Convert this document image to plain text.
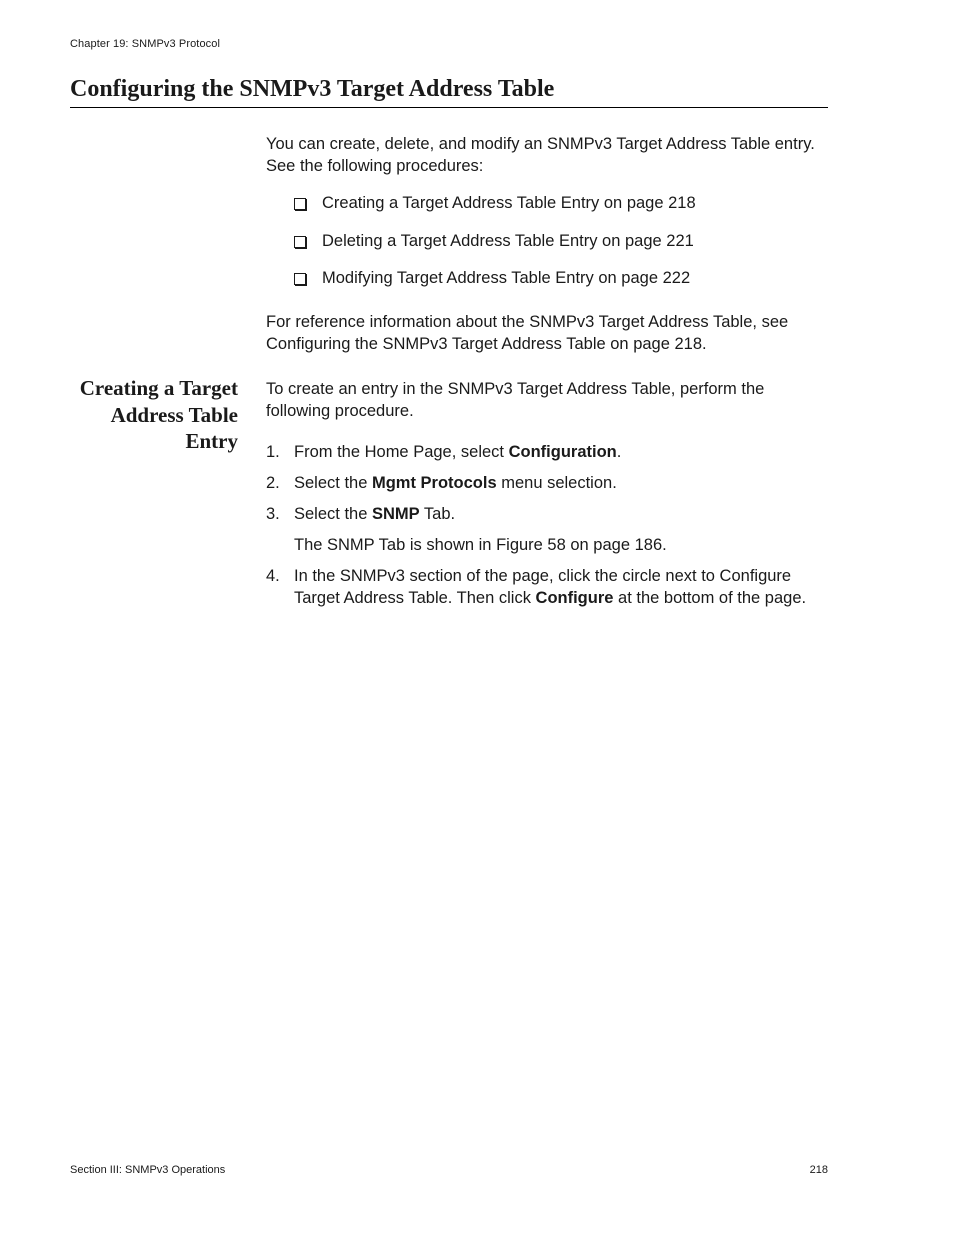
Chapter 19: SNMPv3 Protocol
Configuring the SNMPv3 Target Address Table

You can create, delete, and modify an SNMPv3 Target Address Table entry. See the following procedures:

Creating a Target Address Table Entry on page 218
Deleting a Target Address Table Entry on page 221
Modifying Target Address Table Entry on page 222

For reference information about the SNMPv3 Target Address Table, see Configuring the SNMPv3 Target Address Table on page 218.

Creating a Target
Address Table
Entry

To create an entry in the SNMPv3 Target Address Table, perform the following procedure.

1. From the Home Page, select Configuration.
2. Select the Mgmt Protocols menu selection.
3. Select the SNMP Tab.
The SNMP Tab is shown in Figure 58 on page 186.
4. In the SNMPv3 section of the page, click the circle next to Configure Target Address Table. Then click Configure at the bottom of the page.
Section III: SNMPv3 Operations	218
